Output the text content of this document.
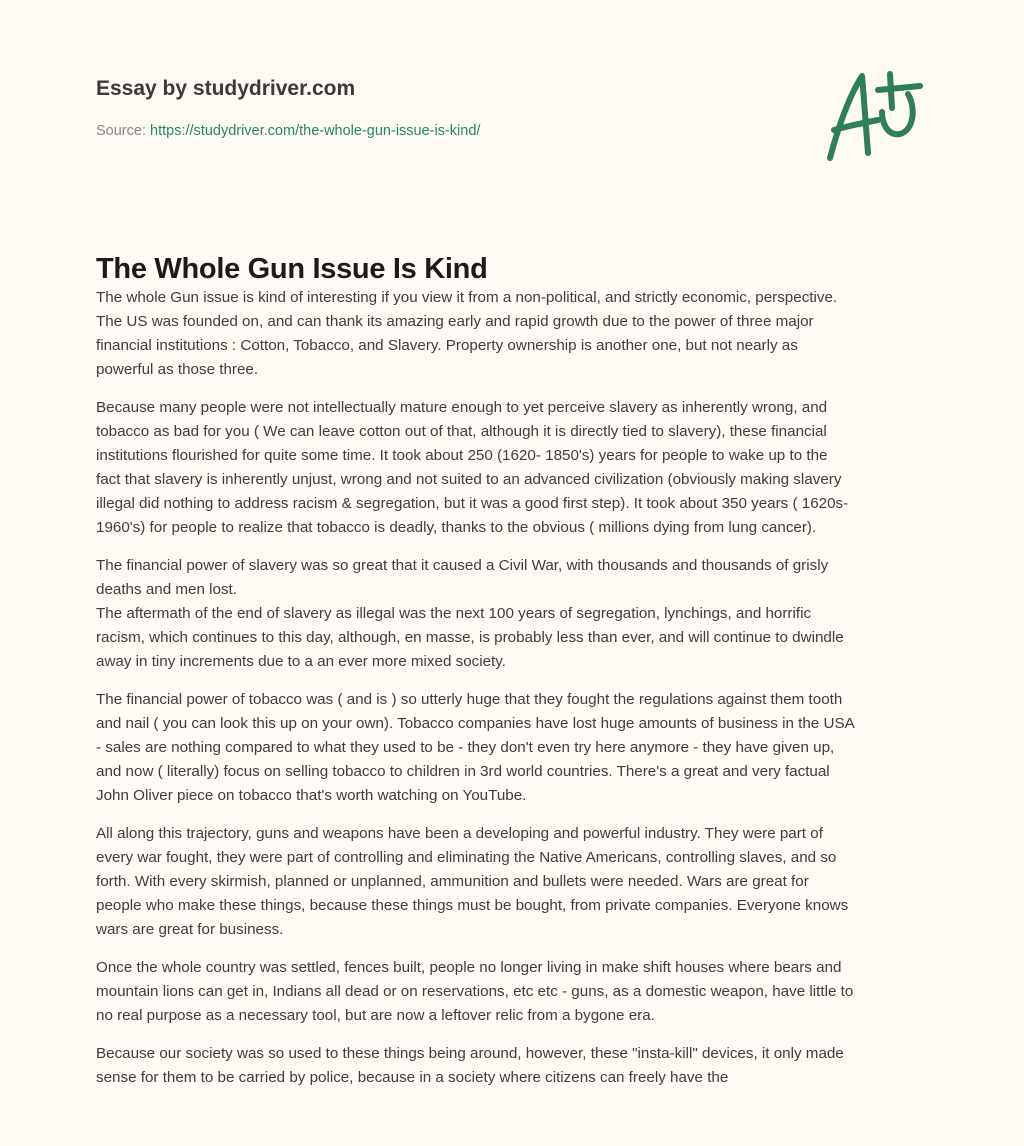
Essay by studydriver.com
Source: https://studydriver.com/the-whole-gun-issue-is-kind/
The Whole Gun Issue Is Kind

The whole Gun issue is kind of interesting if you view it from a non-political, and strictly economic, perspective.
The US was founded on, and can thank its amazing early and rapid growth due to the power of three major
financial institutions : Cotton, Tobacco, and Slavery. Property ownership is another one, but not nearly as
powerful as those three.

Because many people were not intellectually mature enough to yet perceive slavery as inherently wrong, and
tobacco as bad for you ( We can leave cotton out of that, although it is directly tied to slavery), these financial
institutions flourished for quite some time. It took about 250 (1620- 1850's) years for people to wake up to the
fact that slavery is inherently unjust, wrong and not suited to an advanced civilization (obviously making slavery
illegal did nothing to address racism & segregation, but it was a good first step). It took about 350 years ( 1620s-
1960's) for people to realize that tobacco is deadly, thanks to the obvious ( millions dying from lung cancer).

The financial power of slavery was so great that it caused a Civil War, with thousands and thousands of grisly
deaths and men lost.
The aftermath of the end of slavery as illegal was the next 100 years of segregation, lynchings, and horrific
racism, which continues to this day, although, en masse, is probably less than ever, and will continue to dwindle
away in tiny increments due to a an ever more mixed society.

The financial power of tobacco was ( and is ) so utterly huge that they fought the regulations against them tooth
and nail ( you can look this up on your own). Tobacco companies have lost huge amounts of business in the USA
- sales are nothing compared to what they used to be - they don't even try here anymore - they have given up,
and now ( literally) focus on selling tobacco to children in 3rd world countries. There's a great and very factual
John Oliver piece on tobacco that's worth watching on YouTube.

All along this trajectory, guns and weapons have been a developing and powerful industry. They were part of
every war fought, they were part of controlling and eliminating the Native Americans, controlling slaves, and so
forth. With every skirmish, planned or unplanned, ammunition and bullets were needed. Wars are great for
people who make these things, because these things must be bought, from private companies. Everyone knows
wars are great for business.

Once the whole country was settled, fences built, people no longer living in make shift houses where bears and
mountain lions can get in, Indians all dead or on reservations, etc etc - guns, as a domestic weapon, have little to
no real purpose as a necessary tool, but are now a leftover relic from a bygone era.

Because our society was so used to these things being around, however, these "insta-kill" devices, it only made
sense for them to be carried by police, because in a society where citizens can freely have the
